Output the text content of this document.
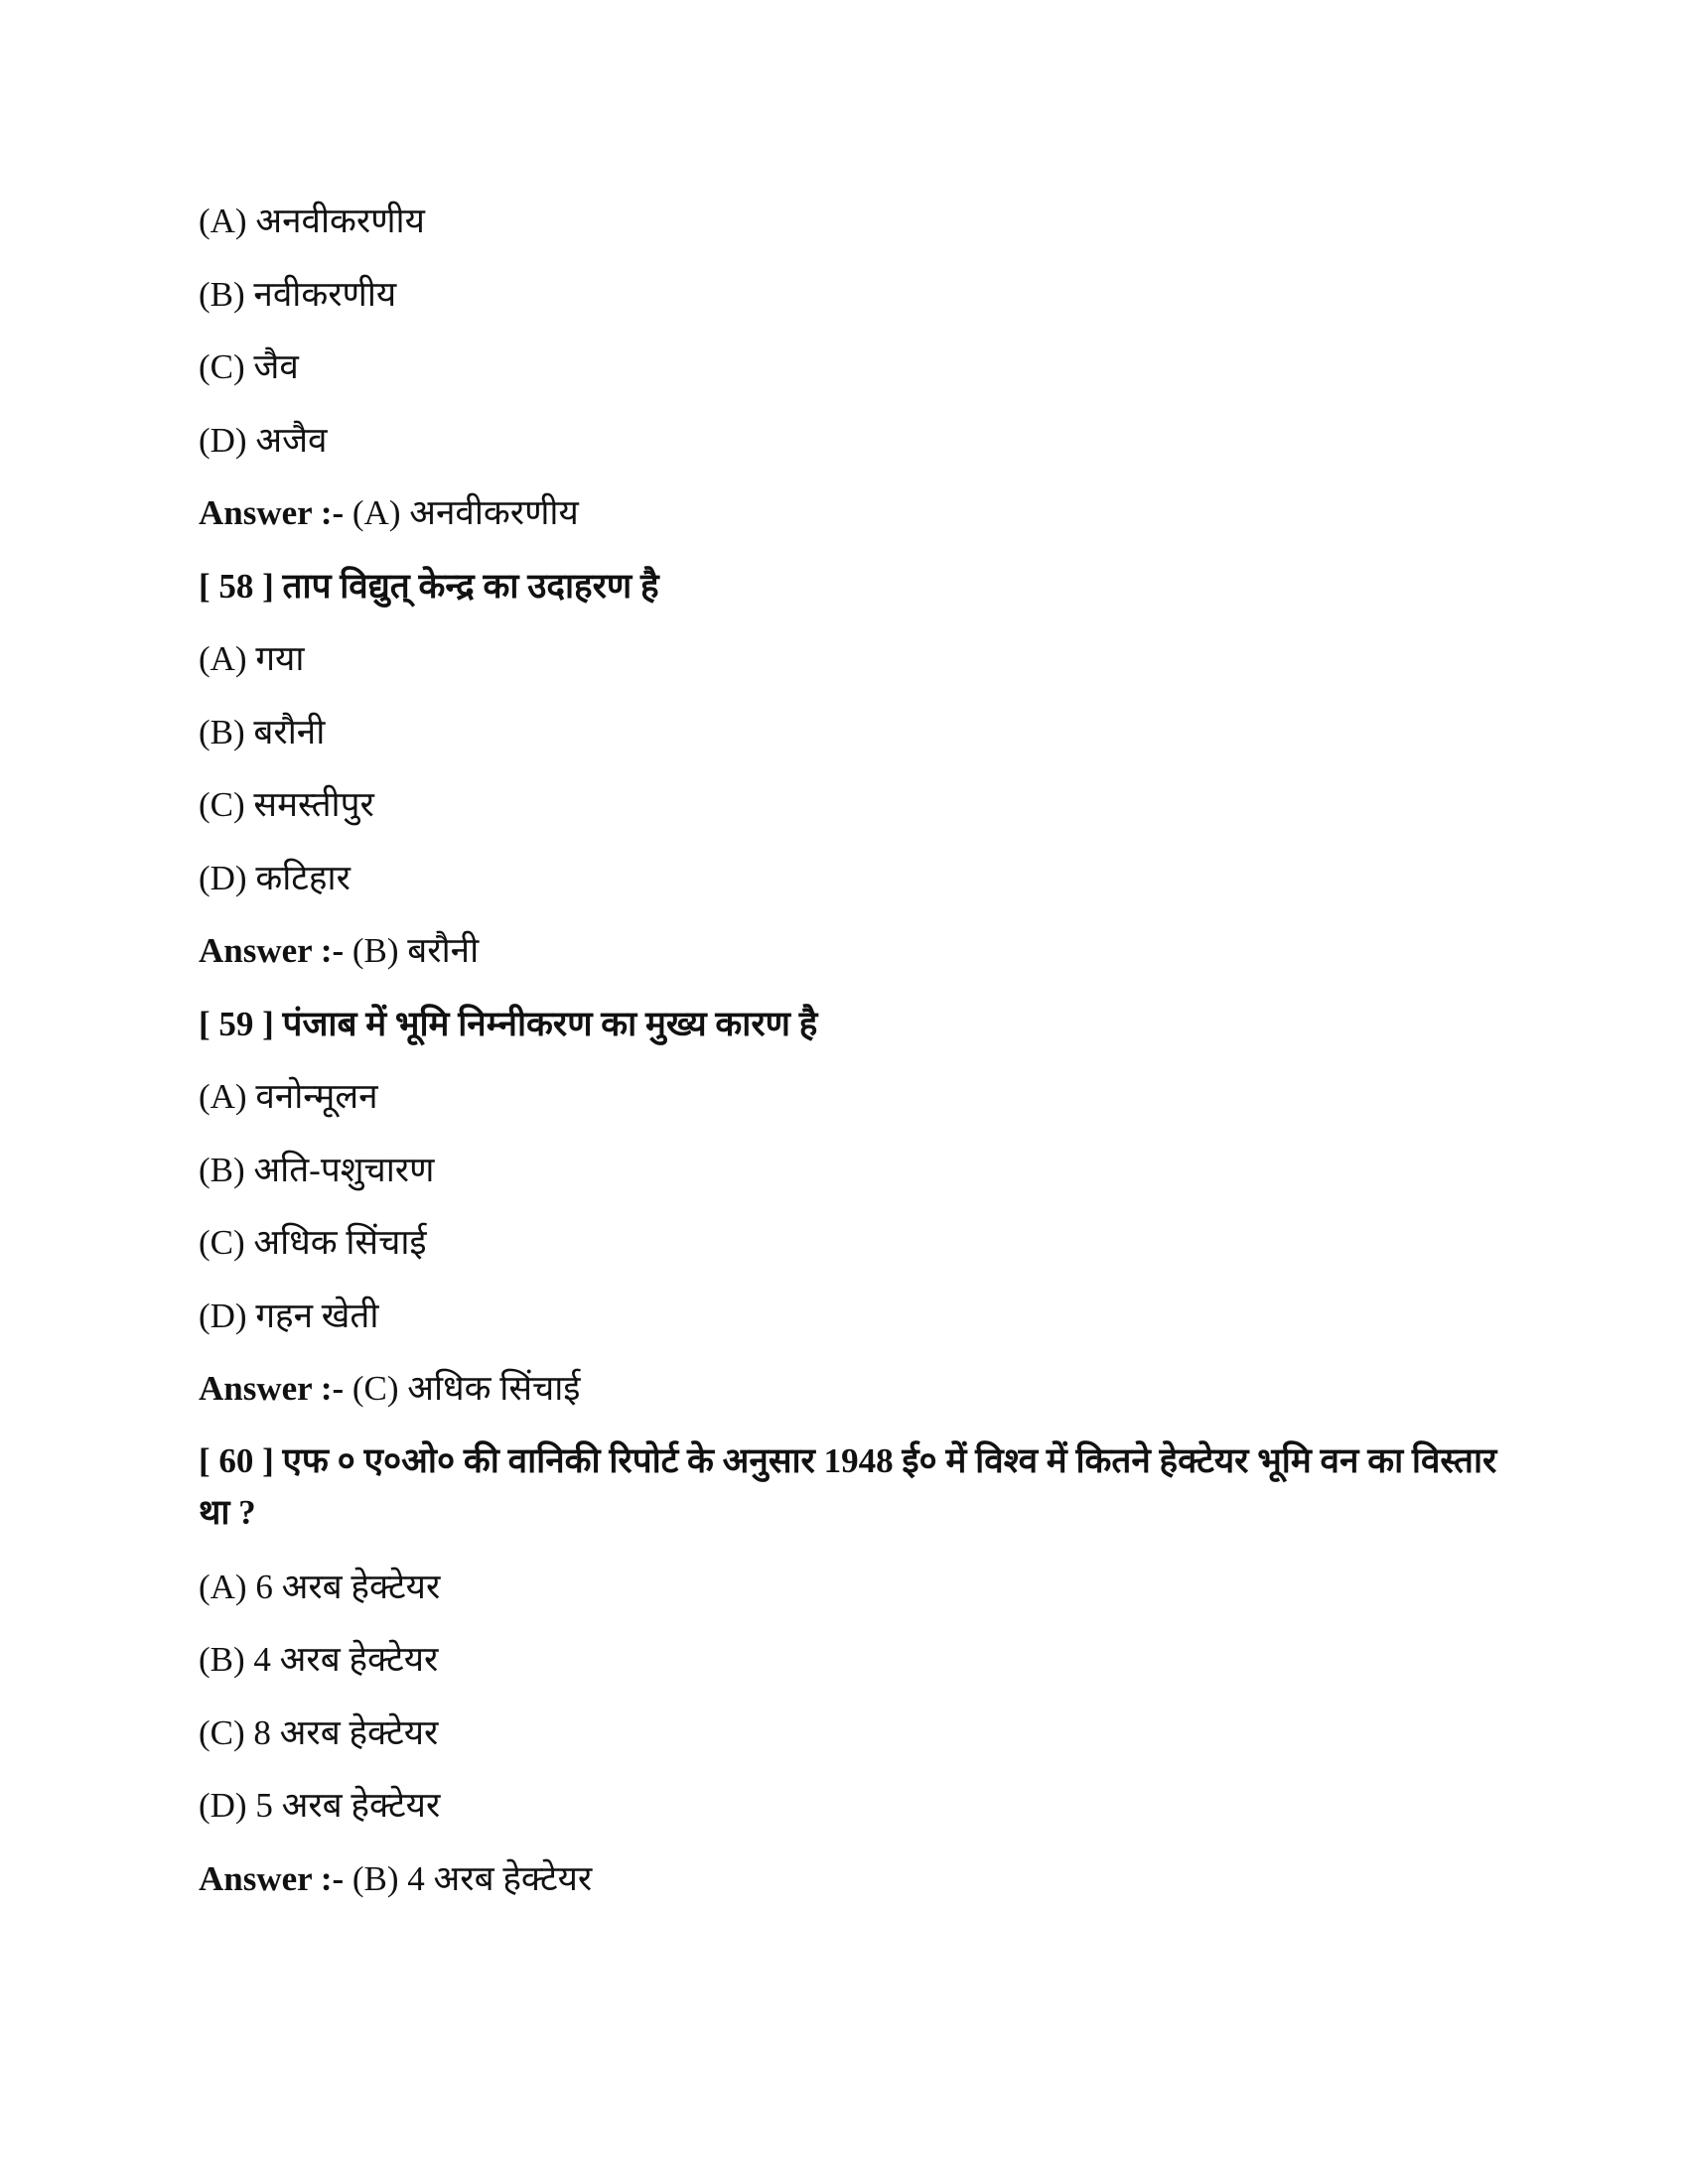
(A) अनवीकरणीय
(B) नवीकरणीय
(C) जैव
(D) अजैव
Answer :- (A) अनवीकरणीय
[ 58 ] ताप विद्युत् केन्द्र का उदाहरण है
(A) गया
(B) बरौनी
(C) समस्तीपुर
(D) कटिहार
Answer :- (B) बरौनी
[ 59 ] पंजाब में भूमि निम्नीकरण का मुख्य कारण है
(A) वनोन्मूलन
(B) अति-पशुचारण
(C) अधिक सिंचाई
(D) गहन खेती
Answer :- (C) अधिक सिंचाई
[ 60 ] एफ ० ए०ओ० की वानिकी रिपोर्ट के अनुसार 1948 ई० में विश्व में कितने हेक्टेयर भूमि वन का विस्तार था ?
(A) 6 अरब हेक्टेयर
(B) 4 अरब हेक्टेयर
(C) 8 अरब हेक्टेयर
(D) 5 अरब हेक्टेयर
Answer :- (B) 4 अरब हेक्टेयर
